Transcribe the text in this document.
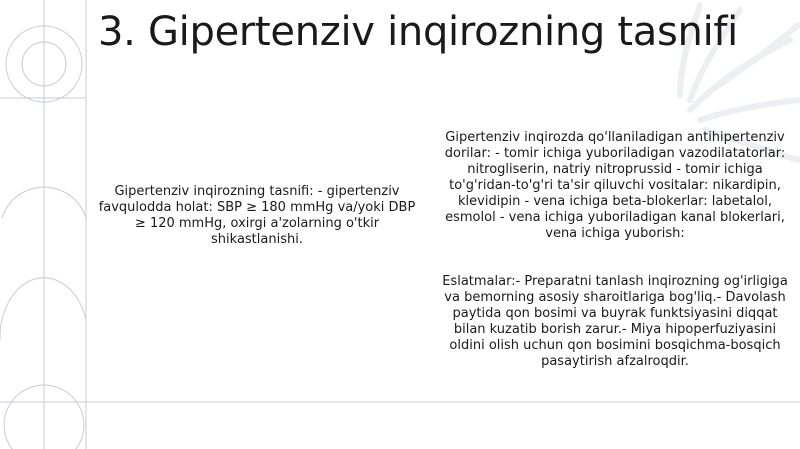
3. Gipertenziv inqirozning tasnifi
Gipertenziv inqirozning tasnifi: - gipertenziv favqulodda holat: SBP ≥ 180 mmHg va/yoki DBP ≥ 120 mmHg, oxirgi a'zolarning o'tkir shikastlanishi.

Gipertenziv inqirozda qo'llaniladigan antihipertenziv dorilar: - tomir ichiga yuboriladigan vazodilatatorlar: nitrogliserin, natriy nitroprussid - tomir ichiga to'g'ridan-to'g'ri ta'sir qiluvchi vositalar: nikardipin, klevidipin - vena ichiga beta-blokerlar: labetalol, esmolol - vena ichiga yuboriladigan kanal blokerlari, vena ichiga yuborish:

Eslatmalar:- Preparatni tanlash inqirozning og'irligiga va bemorning asosiy sharoitlariga bog'liq.- Davolash paytida qon bosimi va buyrak funktsiyasini diqqat bilan kuzatib borish zarur.- Miya hipoperfuziyasini oldini olish uchun qon bosimini bosqichma-bosqich pasaytirish afzalroqdir.
